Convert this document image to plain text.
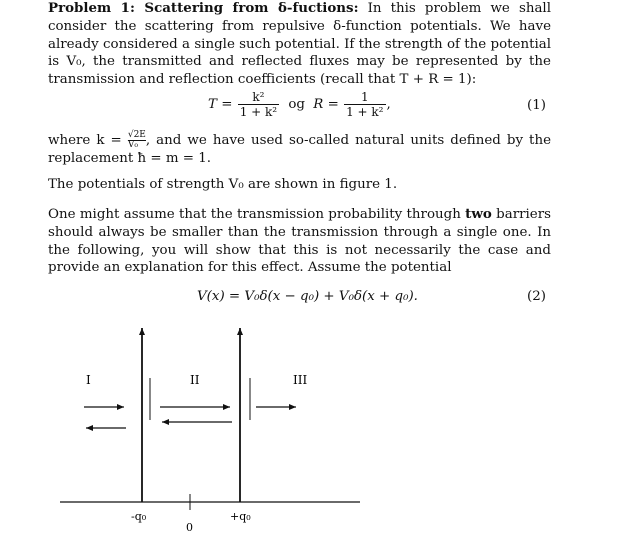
Problem 1: Scattering from δ-fuctions: In this problem we shall consider the scattering from repulsive δ-function potentials. We have already considered a single such potential. If the strength of the potential is V₀, the transmitted and reflected fluxes may be represented by the transmission and reflection coefficients (recall that T + R = 1):

$T = \frac{\text{k²}}{\text{1 + k²}}$ og $R = \frac{1}{\text{1 + k²}}$ ,	(1)

where $k = \frac{√2E}{\text{V₀}}$ , and we have used so-called natural units defined by the replacement ħ = m = 1.

The potentials of strength V₀ are shown in figure 1.

One might assume that the transmission probability through two barriers should always be smaller than the transmission through a single one. In the following, you will show that this is not necessarily the case and provide an explanation for this effect. Assume the potential

V(x) = V₀δ(x − q₀) + V₀δ(x + q₀).	(2)
I	II	III
-q₀
0
+q₀
